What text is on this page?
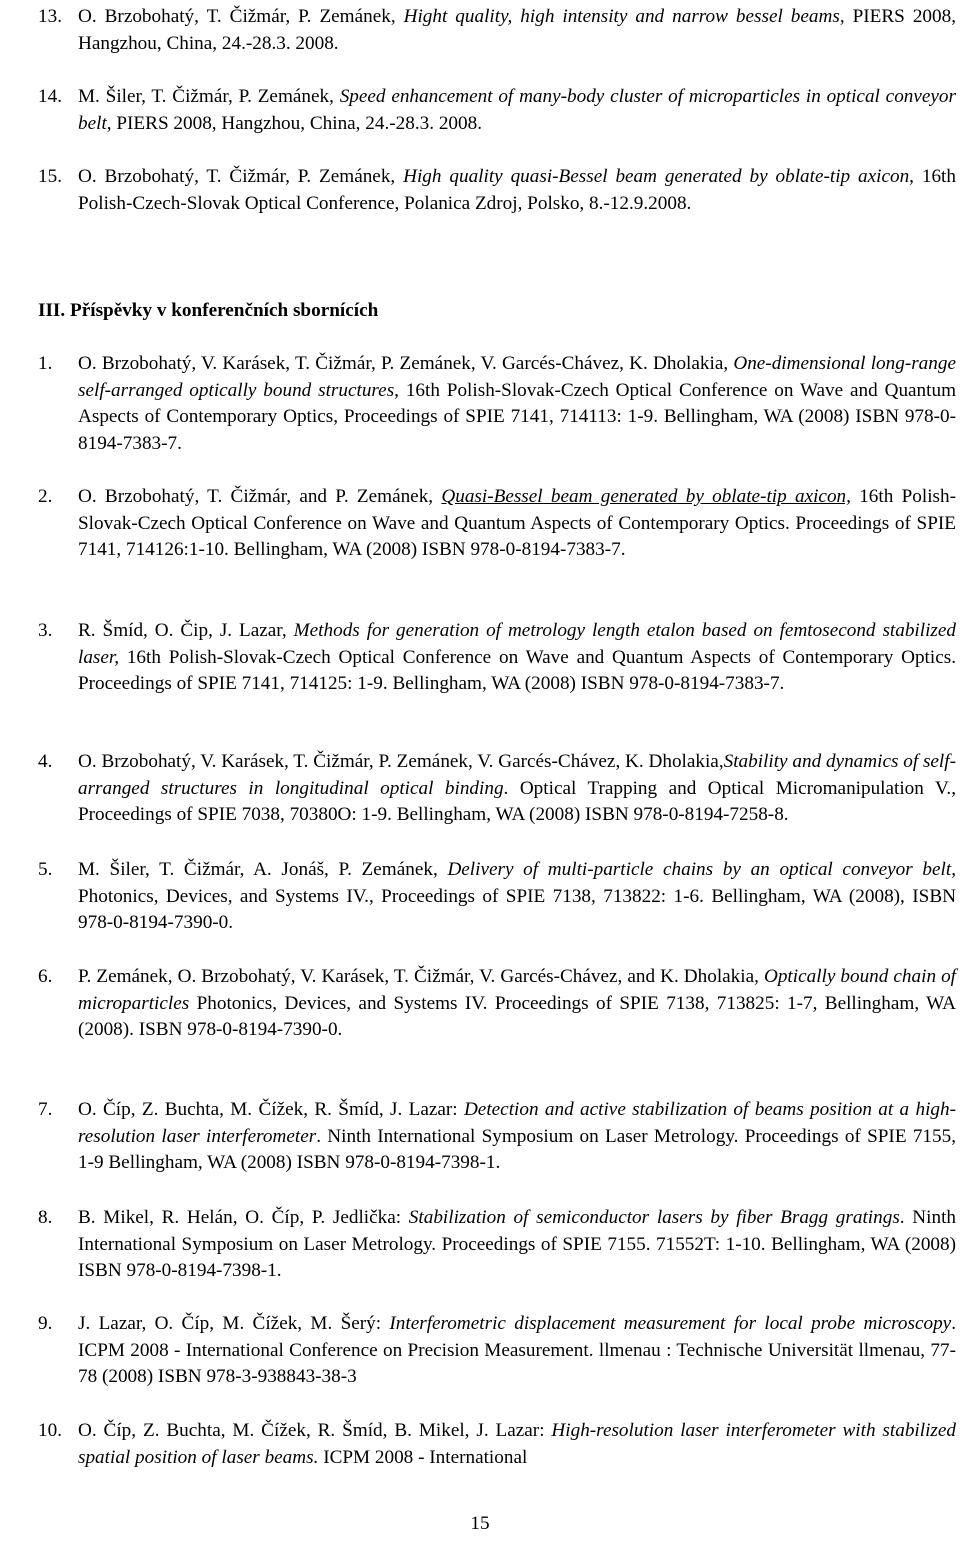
13. O. Brzobohatý, T. Čižmár, P. Zemánek, Hight quality, high intensity and narrow bessel beams, PIERS 2008, Hangzhou, China, 24.-28.3. 2008.

14. M. Šiler, T. Čižmár, P. Zemánek, Speed enhancement of many-body cluster of microparticles in optical conveyor belt, PIERS 2008, Hangzhou, China, 24.-28.3. 2008.

15. O. Brzobohatý, T. Čižmár, P. Zemánek, High quality quasi-Bessel beam generated by oblate-tip axicon, 16th Polish-Czech-Slovak Optical Conference, Polanica Zdroj, Polsko, 8.-12.9.2008.

III. Příspěvky v konferenčních sbornících
1.	O. Brzobohatý, V. Karásek, T. Čižmár, P. Zemánek, V. Garcés-Chávez, K. Dholakia, One-dimensional long-range self-arranged optically bound structures, 16th Polish-Slovak-Czech Optical Conference on Wave and Quantum Aspects of Contemporary Optics, Proceedings of SPIE 7141, 714113: 1-9. Bellingham, WA (2008) ISBN 978-0-8194-7383-7.

2.	O. Brzobohatý, T. Čižmár, and P. Zemánek, Quasi-Bessel beam generated by oblate-tip axicon, 16th Polish-Slovak-Czech Optical Conference on Wave and Quantum Aspects of Contemporary Optics. Proceedings of SPIE 7141, 714126:1-10. Bellingham, WA (2008) ISBN 978-0-8194-7383-7.

3.	R. Šmíd, O. Čip, J. Lazar, Methods for generation of metrology length etalon based on femtosecond stabilized laser, 16th Polish-Slovak-Czech Optical Conference on Wave and Quantum Aspects of Contemporary Optics. Proceedings of SPIE 7141, 714125: 1-9. Bellingham, WA (2008) ISBN 978-0-8194-7383-7.

4.	O. Brzobohatý, V. Karásek, T. Čižmár, P. Zemánek, V. Garcés-Chávez, K. Dholakia,Stability and dynamics of self-arranged structures in longitudinal optical binding. Optical Trapping and Optical Micromanipulation V., Proceedings of SPIE 7038, 70380O: 1-9. Bellingham, WA (2008) ISBN 978-0-8194-7258-8.

5.	M. Šiler, T. Čižmár, A. Jonáš, P. Zemánek, Delivery of multi-particle chains by an optical conveyor belt, Photonics, Devices, and Systems IV., Proceedings of SPIE 7138, 713822: 1-6. Bellingham, WA (2008), ISBN 978-0-8194-7390-0.

6.	P. Zemánek, O. Brzobohatý, V. Karásek, T. Čižmár, V. Garcés-Chávez, and K. Dholakia, Optically bound chain of microparticles Photonics, Devices, and Systems IV. Proceedings of SPIE 7138, 713825: 1-7, Bellingham, WA (2008). ISBN 978-0-8194-7390-0.

7.	O. Číp, Z. Buchta, M. Čížek, R. Šmíd, J. Lazar: Detection and active stabilization of beams position at a high-resolution laser interferometer. Ninth International Symposium on Laser Metrology. Proceedings of SPIE 7155, 1-9 Bellingham, WA (2008) ISBN 978-0-8194-7398-1.

8.	B. Mikel, R. Helán, O. Číp, P. Jedlička: Stabilization of semiconductor lasers by fiber Bragg gratings. Ninth International Symposium on Laser Metrology. Proceedings of SPIE 7155. 71552T: 1-10. Bellingham, WA (2008) ISBN 978-0-8194-7398-1.

9.	J. Lazar, O. Číp, M. Čížek, M. Šerý: Interferometric displacement measurement for local probe microscopy. ICPM 2008 - International Conference on Precision Measurement. llmenau : Technische Universität llmenau, 77-78 (2008) ISBN 978-3-938843-38-3

10. O. Číp, Z. Buchta, M. Čížek, R. Šmíd, B. Mikel, J. Lazar: High-resolution laser interferometer with stabilized spatial position of laser beams. ICPM 2008 - International

15
